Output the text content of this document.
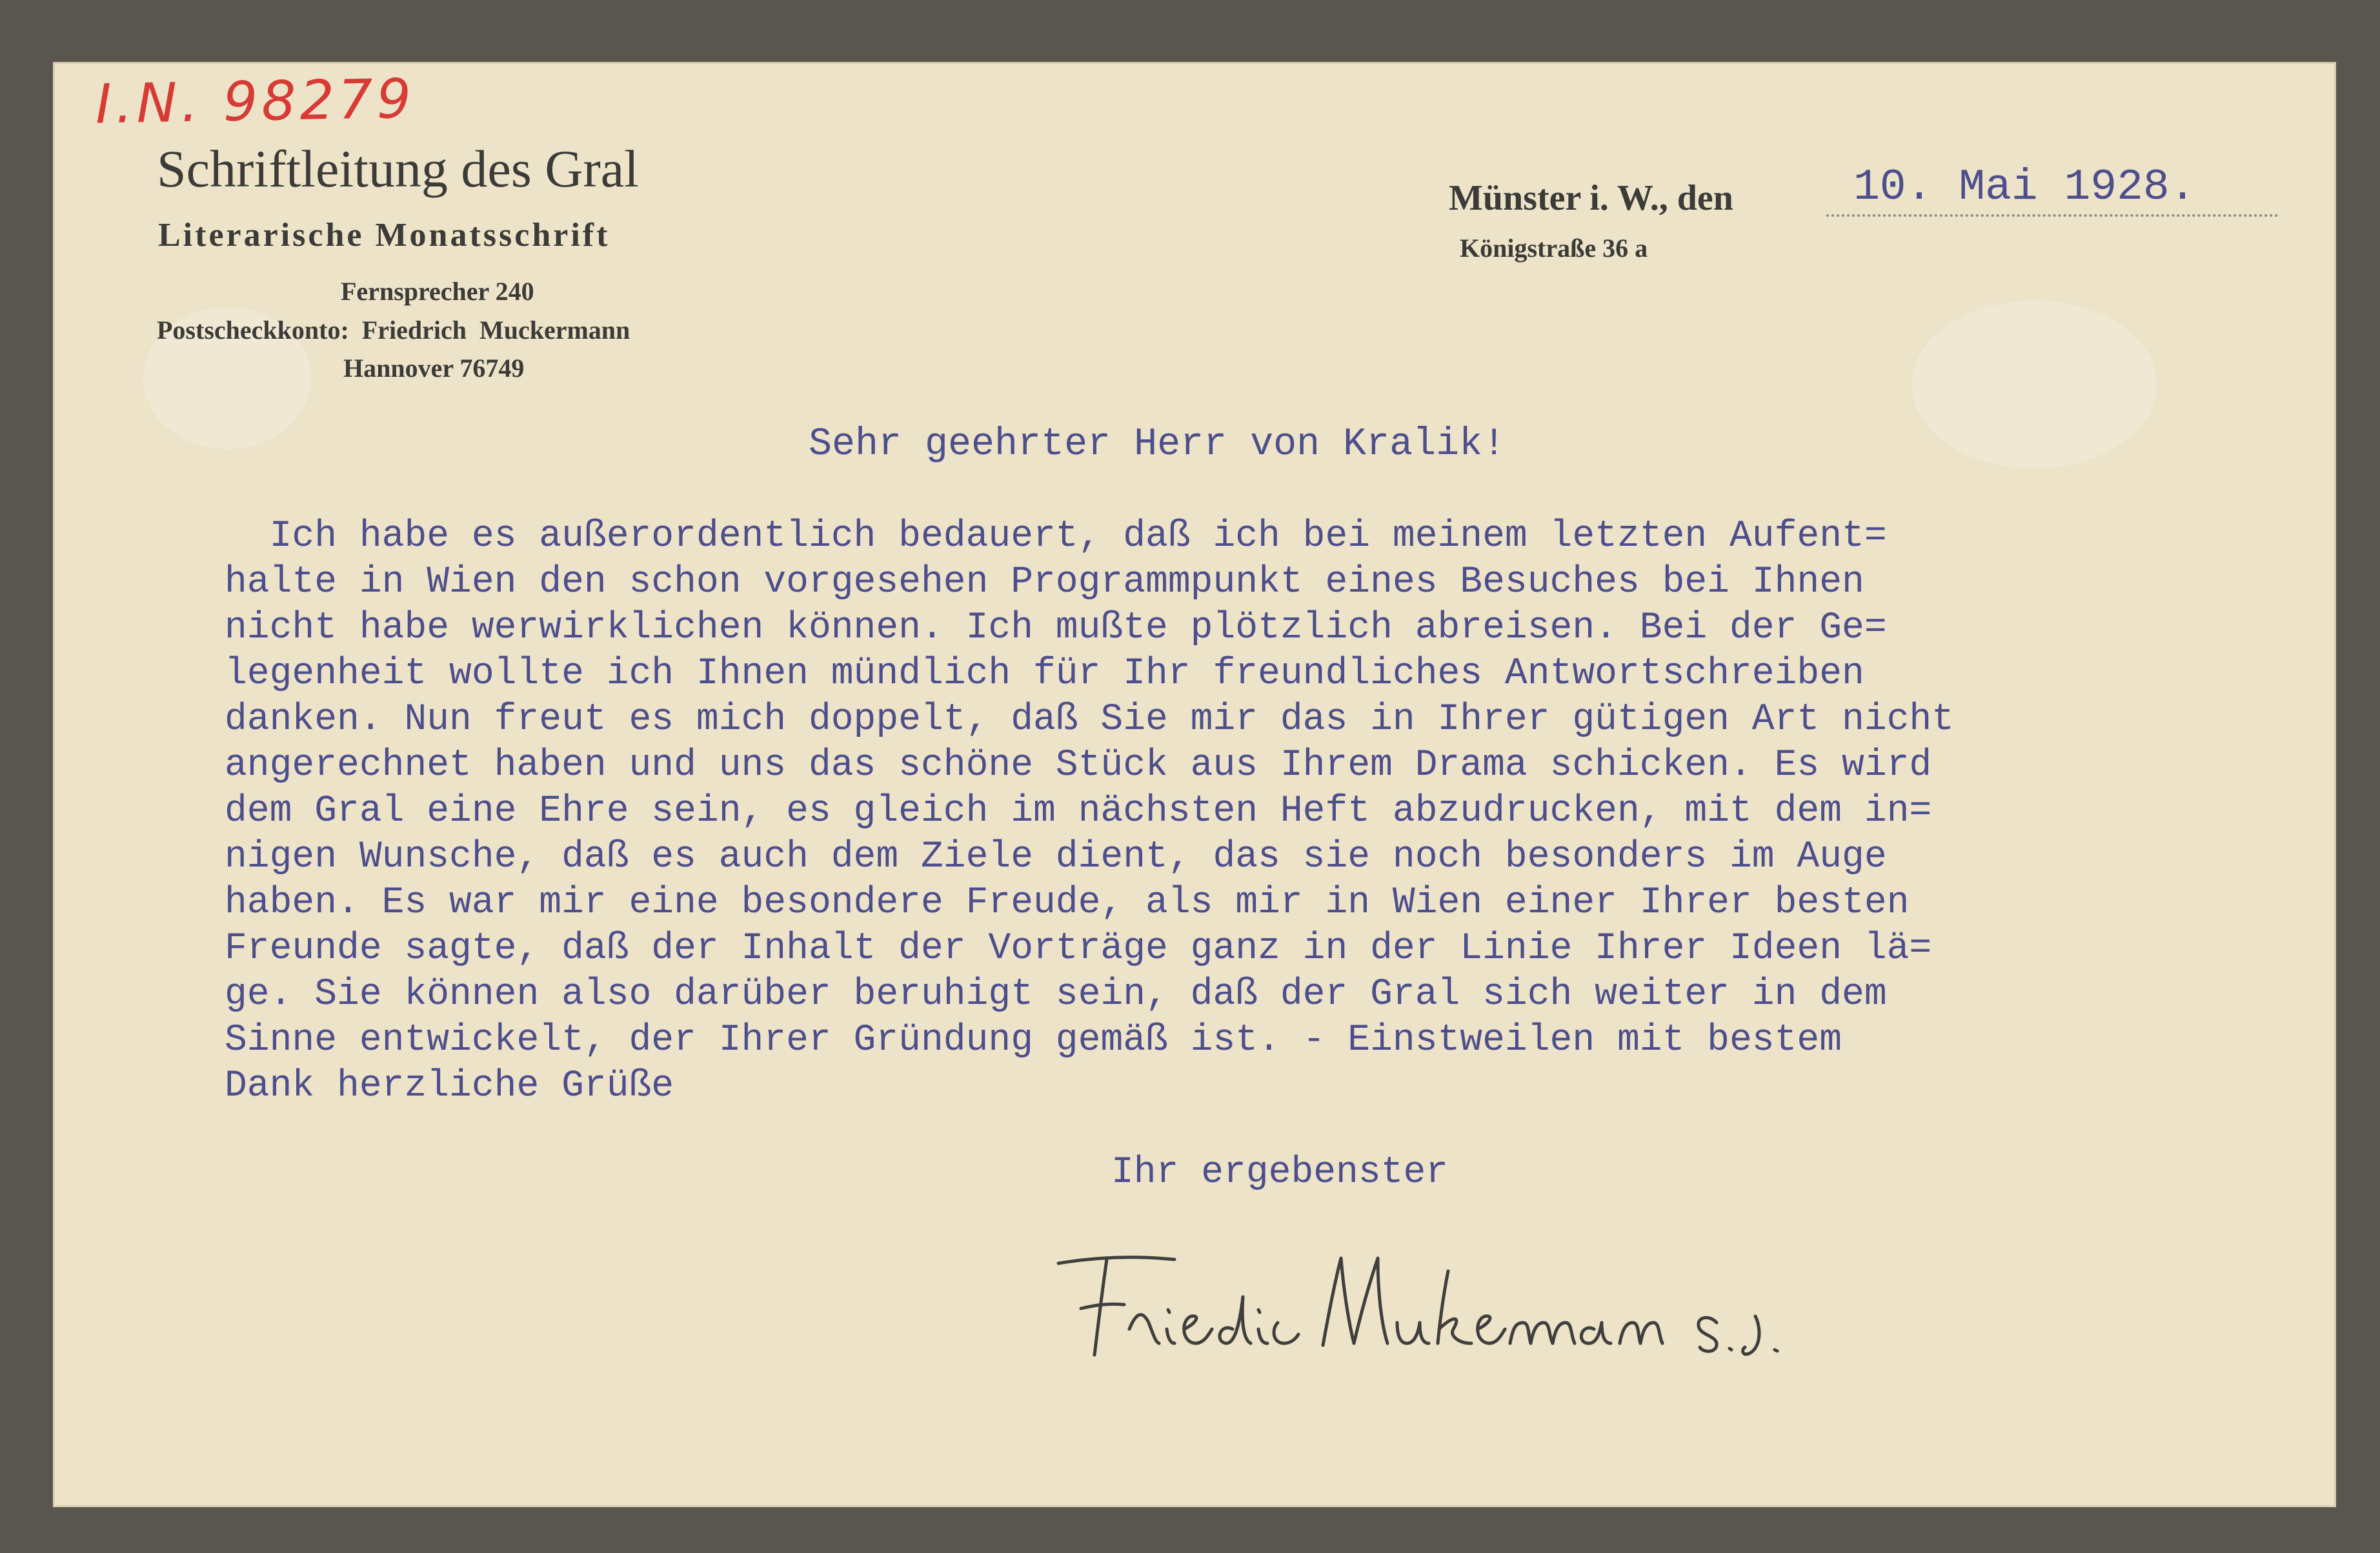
I.N. 98279
Schriftleitung des Gral
Literarische Monatsschrift
Fernsprecher 240
Postscheckkonto: Friedrich Muckermann
Hannover 76749
Münster i. W., den	10. Mai 1928.
Königstraße 36 a
Sehr geehrter Herr von Kralik!
Ich habe es außerordentlich bedauert, daß ich bei meinem letzten Aufent=
halte in Wien den schon vorgesehen Programmpunkt eines Besuches bei Ihnen
nicht habe werwirklichen können. Ich mußte plötzlich abreisen. Bei der Ge=
legenheit wollte ich Ihnen mündlich für Ihr freundliches Antwortschreiben
danken. Nun freut es mich doppelt, daß Sie mir das in Ihrer gütigen Art nicht
angerechnet haben und uns das schöne Stück aus Ihrem Drama schicken. Es wird
dem Gral eine Ehre sein, es gleich im nächsten Heft abzudrucken, mit dem in=
nigen Wunsche, daß es auch dem Ziele dient, das sie noch besonders im Auge
haben. Es war mir eine besondere Freude, als mir in Wien einer Ihrer besten
Freunde sagte, daß der Inhalt der Vorträge ganz in der Linie Ihrer Ideen lä=
ge. Sie können also darüber beruhigt sein, daß der Gral sich weiter in dem
Sinne entwickelt, der Ihrer Gründung gemäß ist. - Einstweilen mit bestem
Dank herzliche Grüße
Ihr ergebenster
